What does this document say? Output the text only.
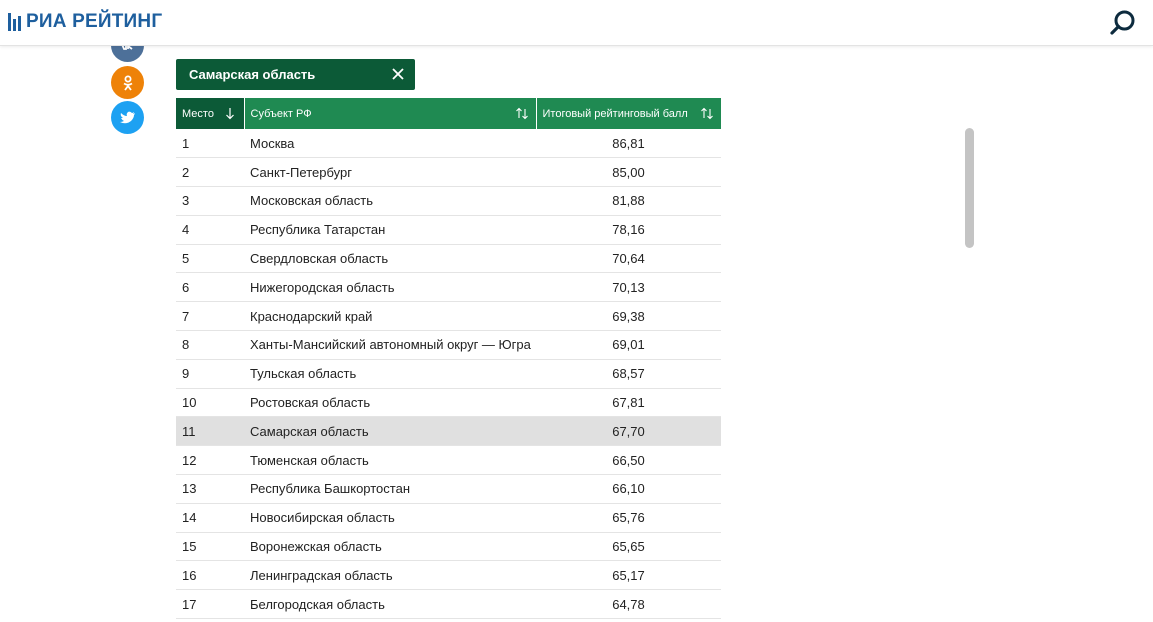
РИА РЕЙТИНГ
Самарская область
Место	Субъект РФ	Итоговый рейтинговый балл

1	Москва	86,81
2	Санкт-Петербург	85,00
3	Московская область	81,88
4	Республика Татарстан	78,16
5	Свердловская область	70,64
6	Нижегородская область	70,13
7	Краснодарский край	69,38
8	Ханты-Мансийский автономный округ — Югра	69,01
9	Тульская область	68,57
10	Ростовская область	67,81
11	Самарская область	67,70
12	Тюменская область	66,50
13	Республика Башкортостан	66,10
14	Новосибирская область	65,76
15	Воронежская область	65,65
16	Ленинградская область	65,17
17	Белгородская область	64,78
